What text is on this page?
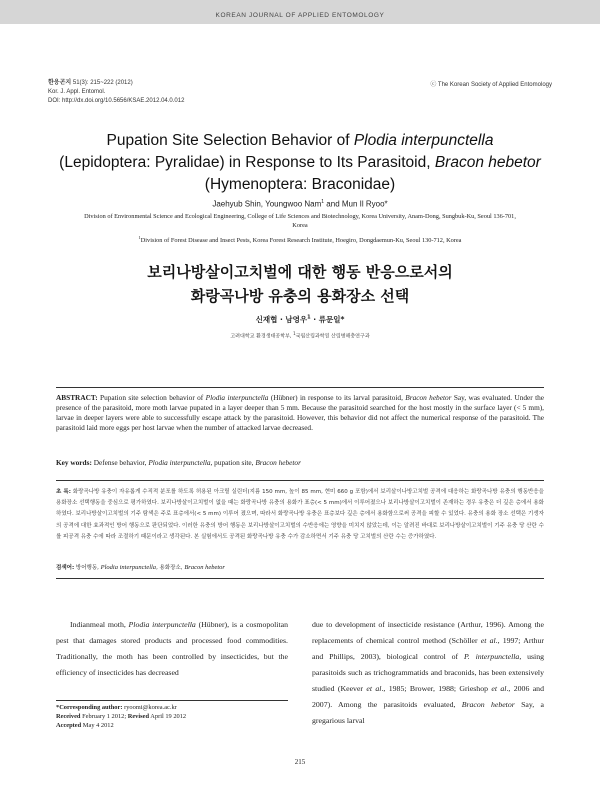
KOREAN JOURNAL OF APPLIED ENTOMOLOGY
한응곤지 51(3): 215~222 (2012)
Kor. J. Appl. Entomol.
DOI: http://dx.doi.org/10.5656/KSAE.2012.04.0.012
ⓒ The Korean Society of Applied Entomology
Pupation Site Selection Behavior of Plodia interpunctella
(Lepidoptera: Pyralidae) in Response to Its Parasitoid, Bracon hebetor
(Hymenoptera: Braconidae)
Jaehyub Shin, Youngwoo Nam$^1$ and Mun Il Ryoo*
Division of Environmental Science and Ecological Engineering, College of Life Sciences and Biotechnology, Korea University, Anam-Dong, Sungbuk-Ku, Seoul 136-701, Korea
$^1$Division of Forest Disease and Insect Pests, Korea Forest Research Institute, Hoegiro, Dongdaemun-Ku, Seoul 130-712, Korea
보리나방살이고치벌에 대한 행동 반응으로서의
화랑곡나방 유충의 용화장소 선택
신재협 · 남영우$^1$ · 류문일*
고려대학교 환경생태공학부, $^1$국립산림과학원 산림병해충연구과
ABSTRACT: Pupation site selection behavior of Plodia interpunctella (Hübner) in response to its larval parasitoid, Bracon hebetor Say, was evaluated. Under the presence of the parasitoid, more moth larvae pupated in a layer deeper than 5 mm. Because the parasitoid searched for the host mostly in the surface layer (< 5 mm), larvae in deeper layers were able to successfully escape attack by the parasitoid. However, this behavior did not affect the numerical response of the parasitoid. The parasitoid laid more eggs per host larvae when the number of attacked larvae decreased.
Key words: Defense behavior, Plodia interpunctella, pupation site, Bracon hebetor
초 록: 화랑곡나방 유충이 자유롭게 수직적 분포를 하도록 허용된 아크릴 실린더(지름 150 mm, 높이 85 mm, 현미 660 g 포함)에서 보리살이나방고치벌 공격에 대응하는 화랑곡나방 유충의 행동반응을 용화장소 선택행동을 중심으로 평가하였다. 보리나방살이고치벌이 없을 때는 화랑곡나방 유충의 용화가 표층(< 5 mm)에서 이루어졌으나 보리나방살이고치벌이 존재하는 경우 유충은 더 깊은 층에서 용화하였다. 보리나방살이고치벌의 기주 탐색은 주로 표층에서(< 5 mm) 이루어 졌으며, 따라서 화랑곡나방 유충은 표층보다 깊은 층에서 용화함으로써 공격을 피할 수 있었다. 유충의 용화 장소 선택은 기생자의 공격에 대한 효과적인 방어 행동으로 판단되었다. 이러한 유충의 방어 행동은 보리나방살이고치벌의 수반응에는 영향을 미치지 않았는데, 이는 알려진 바대로 보리나방살이고치벌이 기주 유충 당 산란 수를 피공격 유충 수에 따라 조절하기 때문이라고 생각된다. 본 실험에서도 공격된 화랑곡나방 유충 수가 감소하면서 기주 유충 당 고치벌의 산란 수는 증가하였다.
검색어: 방어행동, Plodia interpunctella, 용화장소, Bracon hebetor
Indianmeal moth, Plodia interpunctella (Hübner), is a cosmopolitan pest that damages stored products and processed food commodities. Traditionally, the moth has been controlled by insecticides, but the efficiency of insecticides has decreased
due to development of insecticide resistance (Arthur, 1996). Among the replacements of chemical control method (Schöller et al., 1997; Arthur and Phillips, 2003), biological control of P. interpunctella, using parasitoids such as trichogrammatids and braconids, has been extensively studied (Keever et al., 1985; Brower, 1988; Grieshop et al., 2006 and 2007). Among the parasitoids evaluated, Bracon hebetor Say, a gregarious larval
*Corresponding author: ryoomi@korea.ac.kr
Received February 1 2012; Revised April 19 2012
Accepted May 4 2012
215
